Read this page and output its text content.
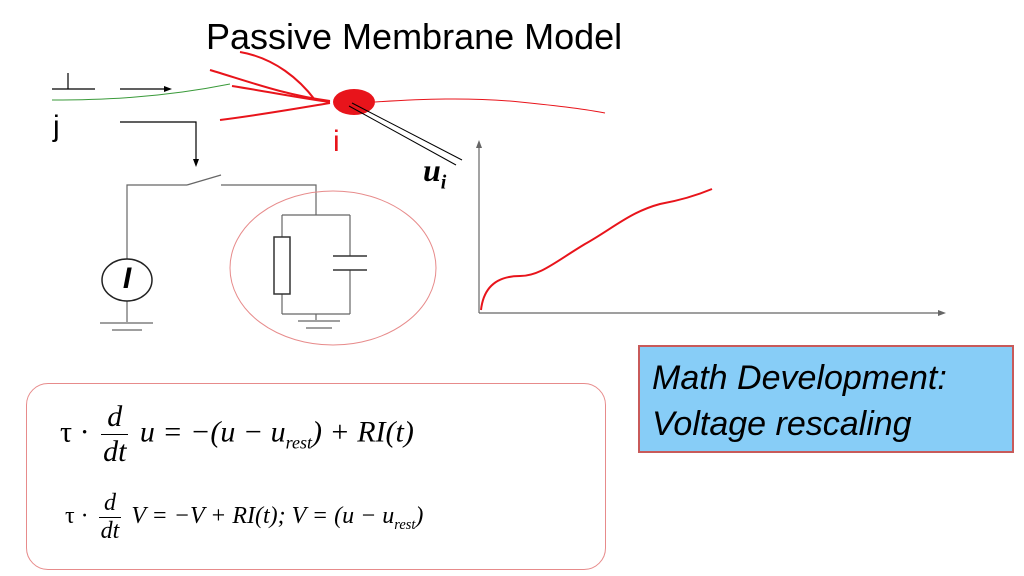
Passive Membrane Model
j	i
$u_i$
I
Math Development:
Voltage rescaling
$\tau \cdot \frac{d}{dt}$ $u = -(u - u_{rest}) + RI(t)$
$\tau \cdot \frac{d}{dt}$ V = −V + RI(t); $V = (u - u_{rest})$
